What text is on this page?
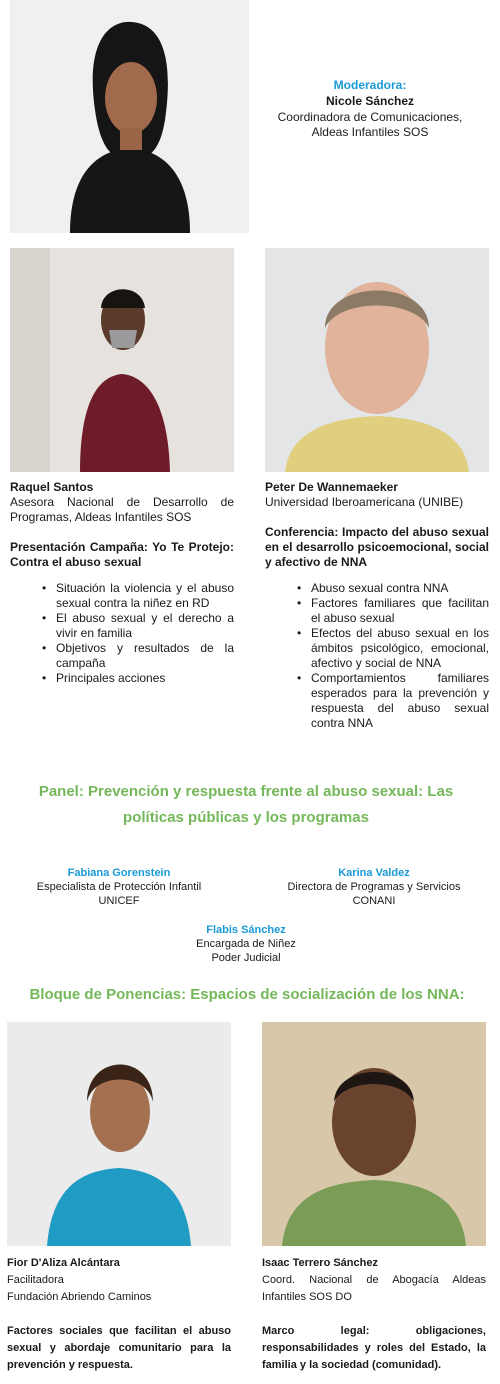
Moderadora:
Nicole Sánchez
Coordinadora de Comunicaciones,
Aldeas Infantiles SOS
Raquel Santos
Asesora Nacional de Desarrollo de Programas, Aldeas Infantiles SOS
Presentación Campaña: Yo Te Protejo: Contra el abuso sexual
• Situación la violencia y el abuso sexual contra la niñez en RD
• El abuso sexual y el derecho a vivir en familia
• Objetivos y resultados de la campaña
• Principales acciones
Peter De Wannemaeker
Universidad Iberoamericana (UNIBE)
Conferencia: Impacto del abuso sexual en el desarrollo psicoemocional, social y afectivo de NNA
• Abuso sexual contra NNA
• Factores familiares que facilitan el abuso sexual
• Efectos del abuso sexual en los ámbitos psicológico, emocional, afectivo y social de NNA
• Comportamientos familiares esperados para la prevención y respuesta del abuso sexual contra NNA
Panel: Prevención y respuesta frente al abuso sexual: Las
políticas públicas y los programas
Fabiana Gorenstein
Especialista de Protección Infantil
UNICEF
Karina Valdez
Directora de Programas y Servicios
CONANI
Flabis Sánchez
Encargada de Niñez
Poder Judicial
Bloque de Ponencias: Espacios de socialización de los NNA:
Fior D'Aliza Alcántara
Facilitadora
Fundación Abriendo Caminos
Factores sociales que facilitan el abuso sexual y abordaje comunitario para la prevención y respuesta.
Isaac Terrero Sánchez
Coord. Nacional de Abogacía Aldeas Infantiles SOS DO
Marco legal: obligaciones, responsabilidades y roles del Estado, la familia y la sociedad (comunidad).
